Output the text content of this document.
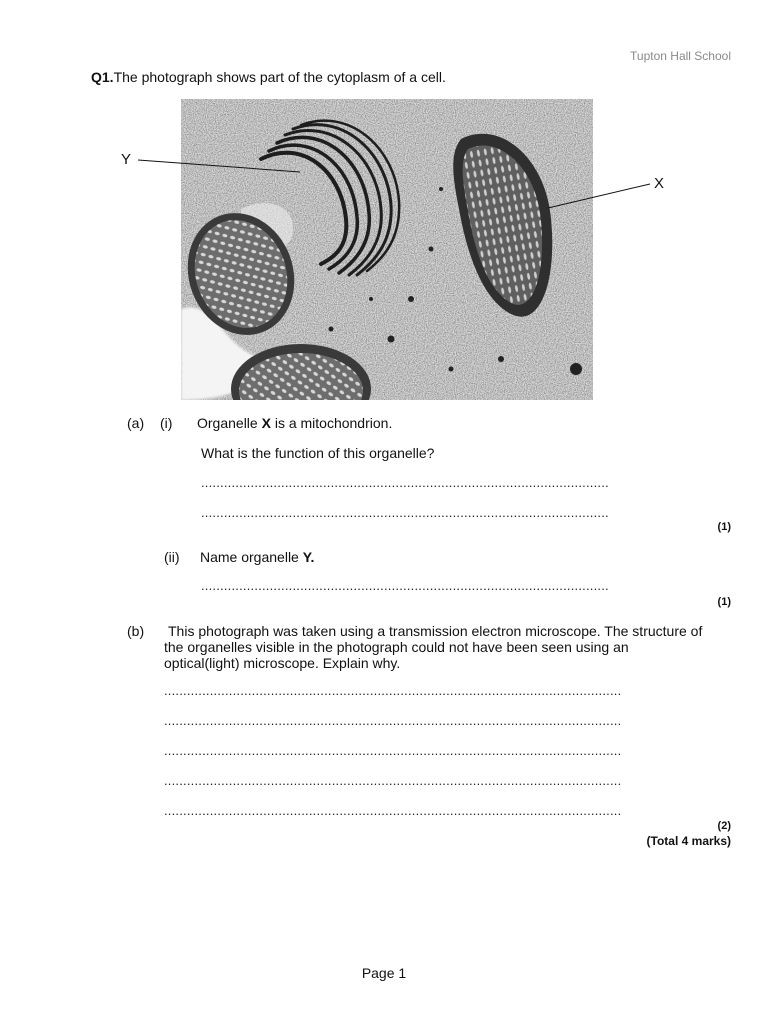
Tupton Hall School
Q1.The photograph shows part of the cytoplasm of a cell.
Y
X
(a) (i) Organelle X is a mitochondrion.
What is the function of this organelle?
...........................................................................................................
...........................................................................................................
(1)
(ii) Name organelle Y.
...........................................................................................................
(1)
(b) This photograph was taken using a transmission electron microscope. The structure of the organelles visible in the photograph could not have been seen using an optical(light) microscope. Explain why.
........................................................................................................................
........................................................................................................................
........................................................................................................................
........................................................................................................................
........................................................................................................................
(2)
(Total 4 marks)
Page 1
